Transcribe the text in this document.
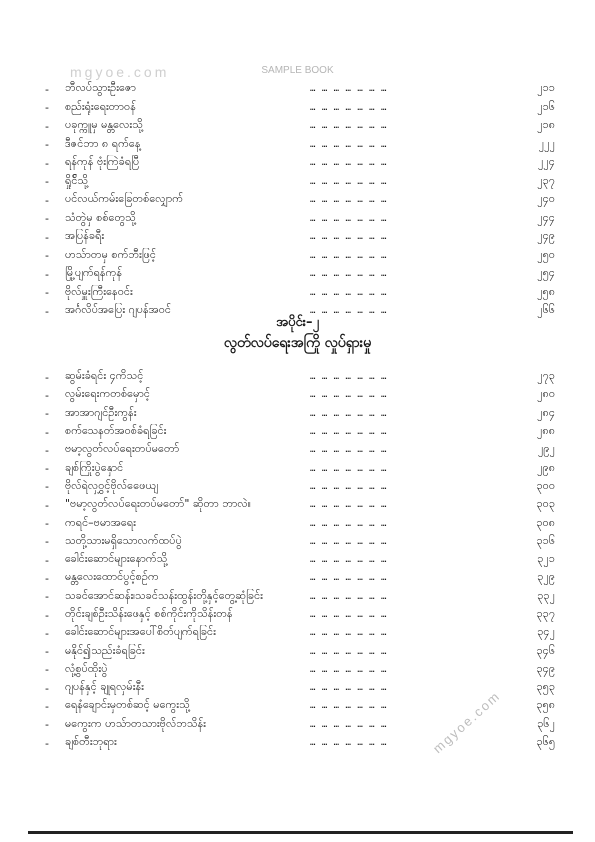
mgyoe.com	SAMPLE BOOK
-	ဘီလပ်သွားဦးဇော	… … … … … … …	၂၁၁
-	စည်းရုံးရေးတာဝန်	… … … … … … …	၂၁၆
-	ပခုက္ကူမှ မန္တလေးသို့	… … … … … … …	၂၁၈
-	ဒီဇင်ဘာ ၈ ရက်နေ့	… … … … … … …	၂၂၂
-	ရန်ကုန် ဗုံးကြဲခံရပြီ	… … … … … … …	၂၂၄
-	ရှိုင်ိသို့	… … … … … … …	၂၃၇
-	ပင်လယ်ကမ်းခြေတစ်လျှောက်	… … … … … … …	၂၄၀
-	သံတွဲမှ စစ်တွေသို့	… … … … … … …	၂၄၄
-	အပြန်ခရီး	… … … … … … …	၂၄၉
-	ဟသ်ာတမှ စက်ဘီးဖြင့်	… … … … … … …	၂၅၀
-	မြို့ပျက်ရန်ကုန်	… … … … … … …	၂၅၄
-	ဗိုလ်မှူးကြီးနေဝင်း	… … … … … … …	၂၅၈
-	အင်္ဂလိပ်အပြေး ဂျပန်အဝင်	… … … … … … …	၂၆၆
အပိုင်း–၂
လွတ်လပ်ရေးအကြို လှုပ်ရှားမှု
-	ဆွမ်းခံရင်း ၄ကိသင့်	… … … … … … …	၂၇၃
-	လွမ်းရေးကတစ်မှောင့်	… … … … … … …	၂၈၀
-	အာအာဂျင်ဦးကွန်း	… … … … … … …	၂၈၄
-	စက်သေနတ်အဝစ်ခံရခြင်း	… … … … … … …	၂၈၈
-	ဗမာ့လွတ်လပ်ရေးတပ်မတော်	… … … … … … …	၂၉၂
-	ချစ်ကြိုးပွဲနှောင်	… … … … … … …	၂၉၈
-	ဗိုလ်ရဲလှ၀ွှင့်ဗိုလ်ဖေေယျ	… … … … … … …	၃၀၀
-	"ဗမာ့လွတ်လပ်ရေးတပ်မတော်" ဆိုတာ ဘာလဲ။	… … … … … … …	၃၀၃
-	ကရင်–ဗမာအရေး	… … … … … … …	၃၀၈
-	သတို့သားမရှိသောလက်ထပ်ပွဲ	… … … … … … …	၃၁၆
-	ခေါင်းဆောင်များနောက်သို့	… … … … … … …	၃၂၁
-	မန္တလေးထောင်ပွင့်စဉ်က	… … … … … … …	၃၂၉
-	သခင်အောင်ဆန်း၊သခင်သန်းထွန်းတို့နှင့်တွေ့ဆုံခြင်း	… … … … … … …	၃၃၂
-	တိုင်းချစ်ဦးသိန်းဖေနှင့် စစ်ကိုင်းကိုသိန်းတန်	… … … … … … …	၃၃၇
-	ခေါင်းဆောင်များအပေါ်စိတ်ပျက်ရခြင်း	… … … … … … …	၃၄၂
-	မနိုင်၍သည်းခံရခြင်း	… … … … … … …	၃၄၆
-	လုံ့စွပ်ထိုးပွဲ	… … … … … … …	၃၄၉
-	ဂျပန်နှင့် ချုရလှမ်းနီး	… … … … … … …	၃၅၃
-	ရေနံချောင်းမှတစ်ဆင့် မကွေးသို့	… … … … … … …	၃၅၈
-	မကွေးက ဟသ်ာတသားဗိုလ်ဘသိန်း	… … … … … … …	၃၆၂
-	ချစ်တီးဘုရား	… … … … … … …	၃၆၅
mgyoe.com
